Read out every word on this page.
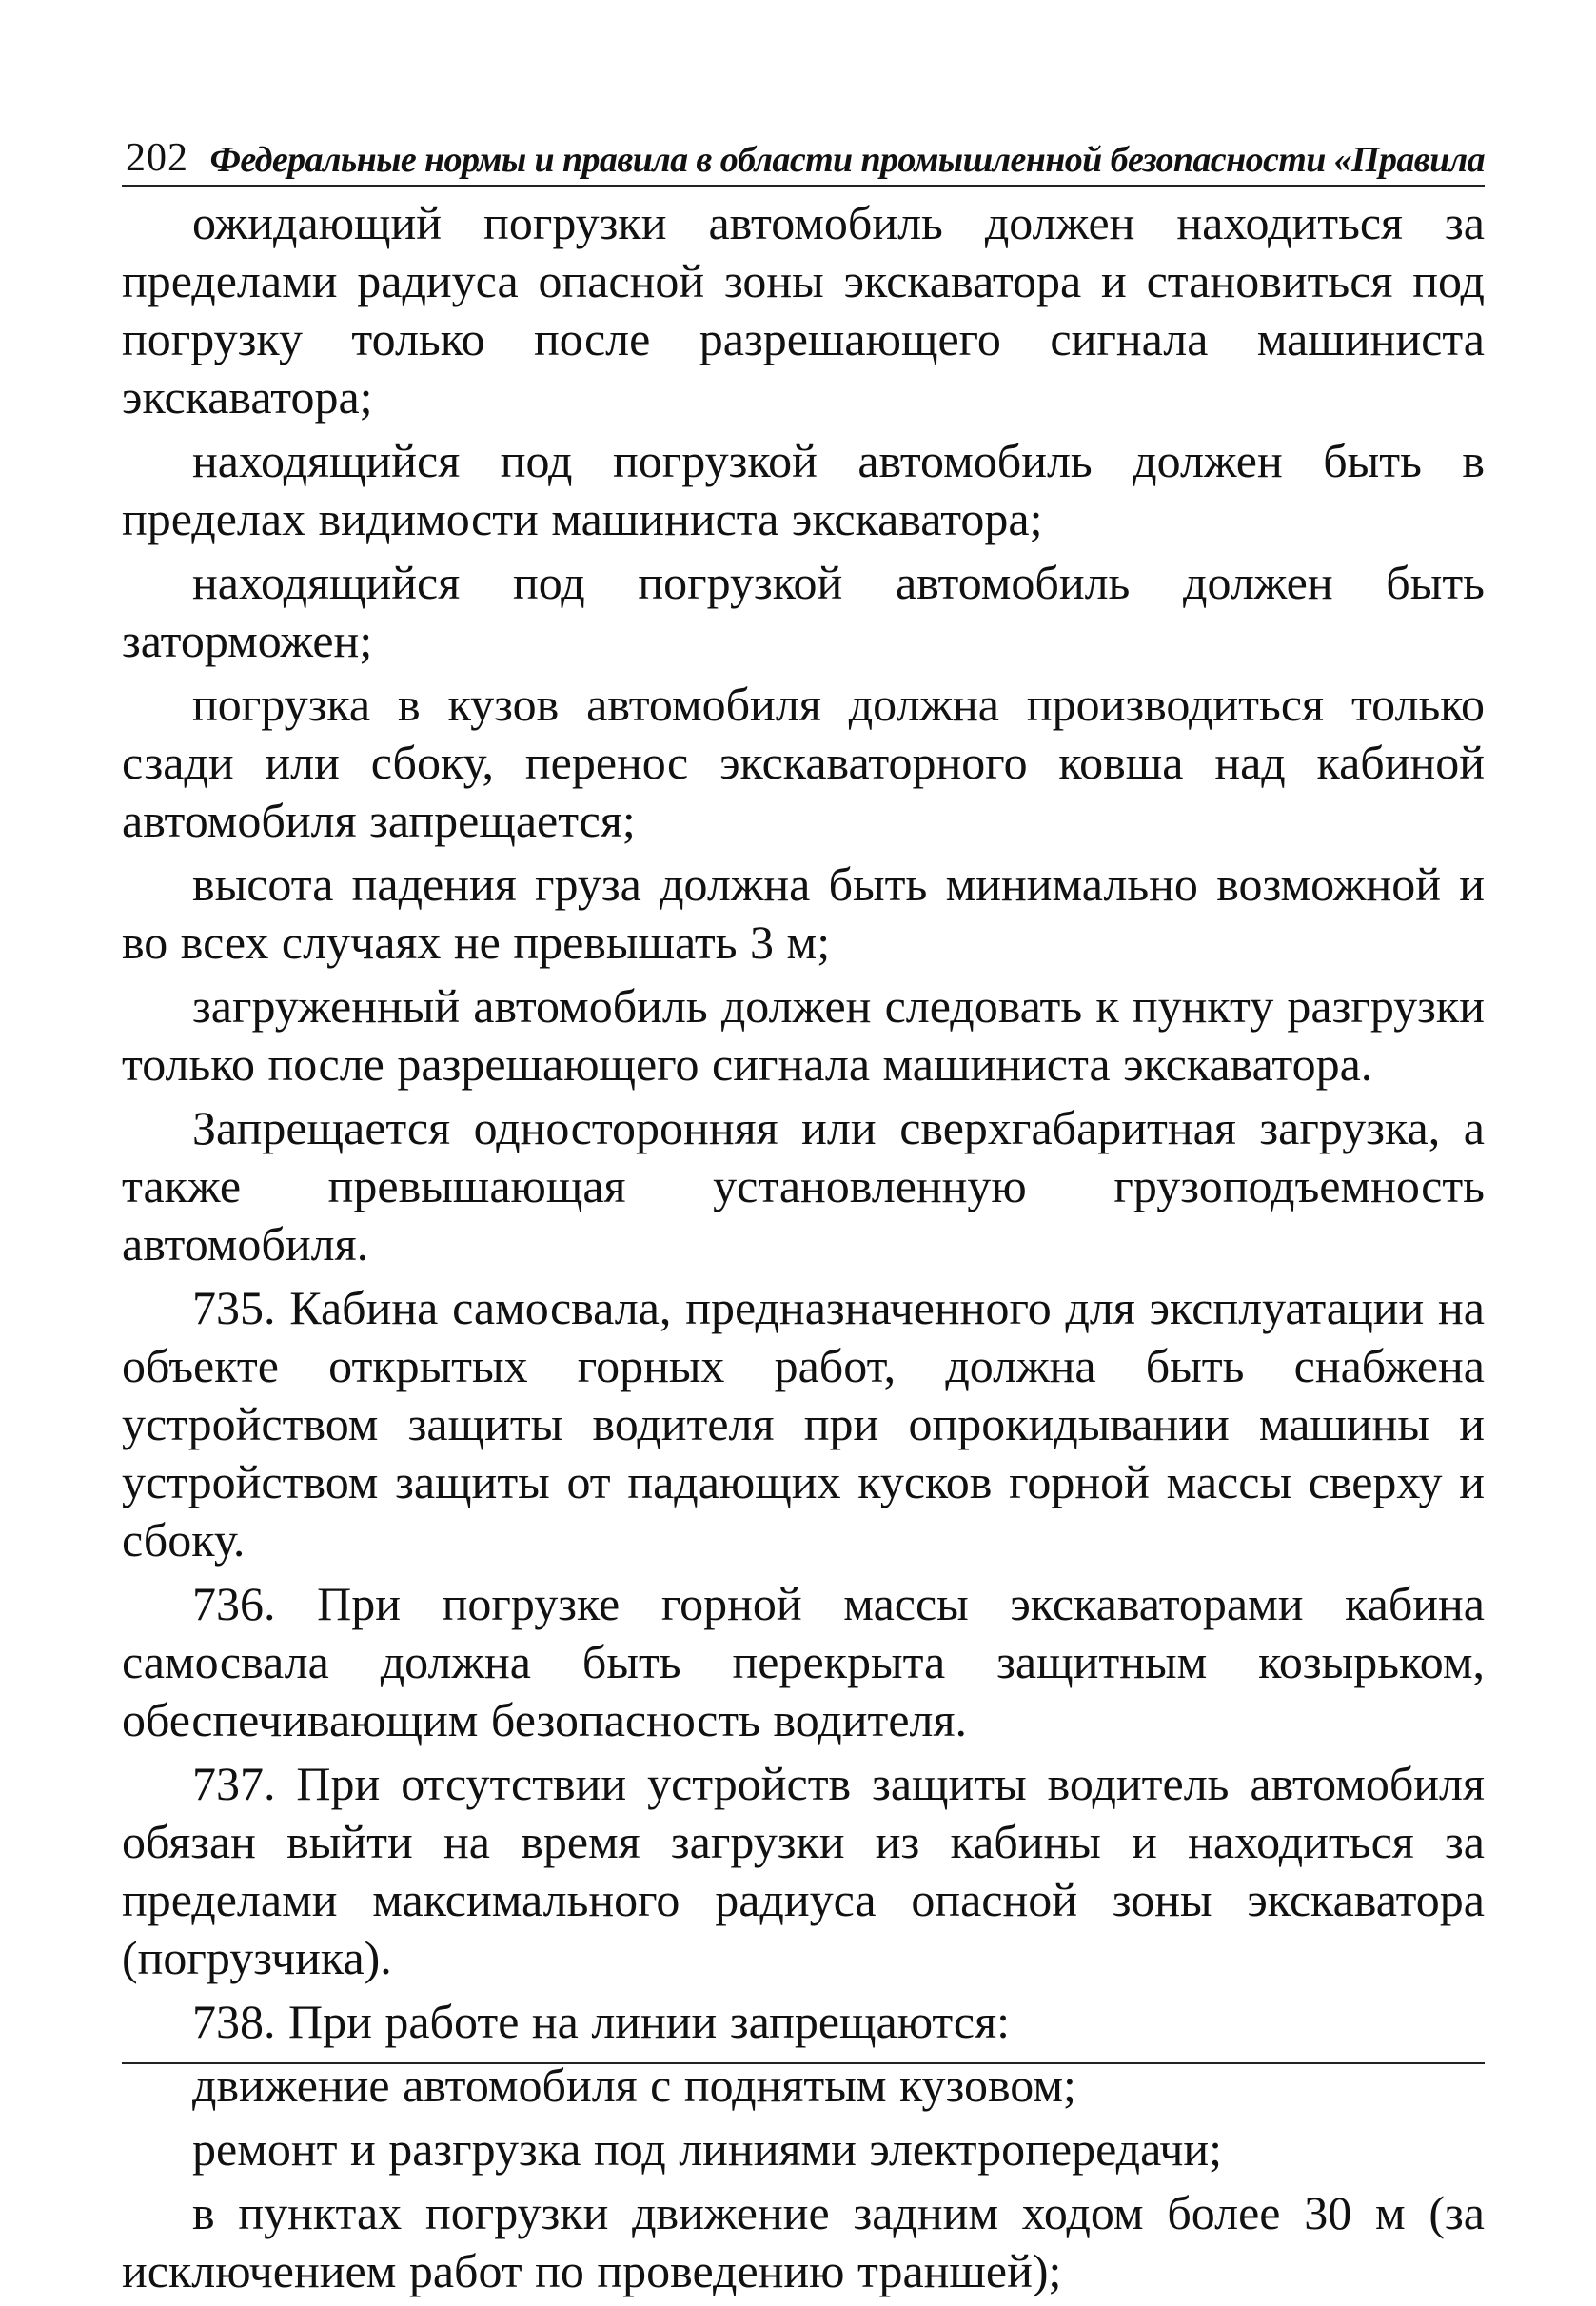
202 Федеральные нормы и правила в области промышленной безопасности «Правила

ожидающий погрузки автомобиль должен находиться за пределами радиуса опасной зоны экскаватора и становиться под погрузку только после разрешающего сигнала машиниста экскаватора;

находящийся под погрузкой автомобиль должен быть в пределах видимости машиниста экскаватора;

находящийся под погрузкой автомобиль должен быть заторможен;

погрузка в кузов автомобиля должна производиться только сзади или сбоку, перенос экскаваторного ковша над кабиной автомобиля запрещается;

высота падения груза должна быть минимально возможной и во всех случаях не превышать 3 м;

загруженный автомобиль должен следовать к пункту разгрузки только после разрешающего сигнала машиниста экскаватора.

Запрещается односторонняя или сверхгабаритная загрузка, а также превышающая установленную грузоподъемность автомобиля.

735. Кабина самосвала, предназначенного для эксплуатации на объекте открытых горных работ, должна быть снабжена устройством защиты водителя при опрокидывании машины и устройством защиты от падающих кусков горной массы сверху и сбоку.

736. При погрузке горной массы экскаваторами кабина самосвала должна быть перекрыта защитным козырьком, обеспечивающим безопасность водителя.

737. При отсутствии устройств защиты водитель автомобиля обязан выйти на время загрузки из кабины и находиться за пределами максимального радиуса опасной зоны экскаватора (погрузчика).

738. При работе на линии запрещаются:

движение автомобиля с поднятым кузовом;

ремонт и разгрузка под линиями электропередачи;

в пунктах погрузки движение задним ходом более 30 м (за исключением работ по проведению траншей);
